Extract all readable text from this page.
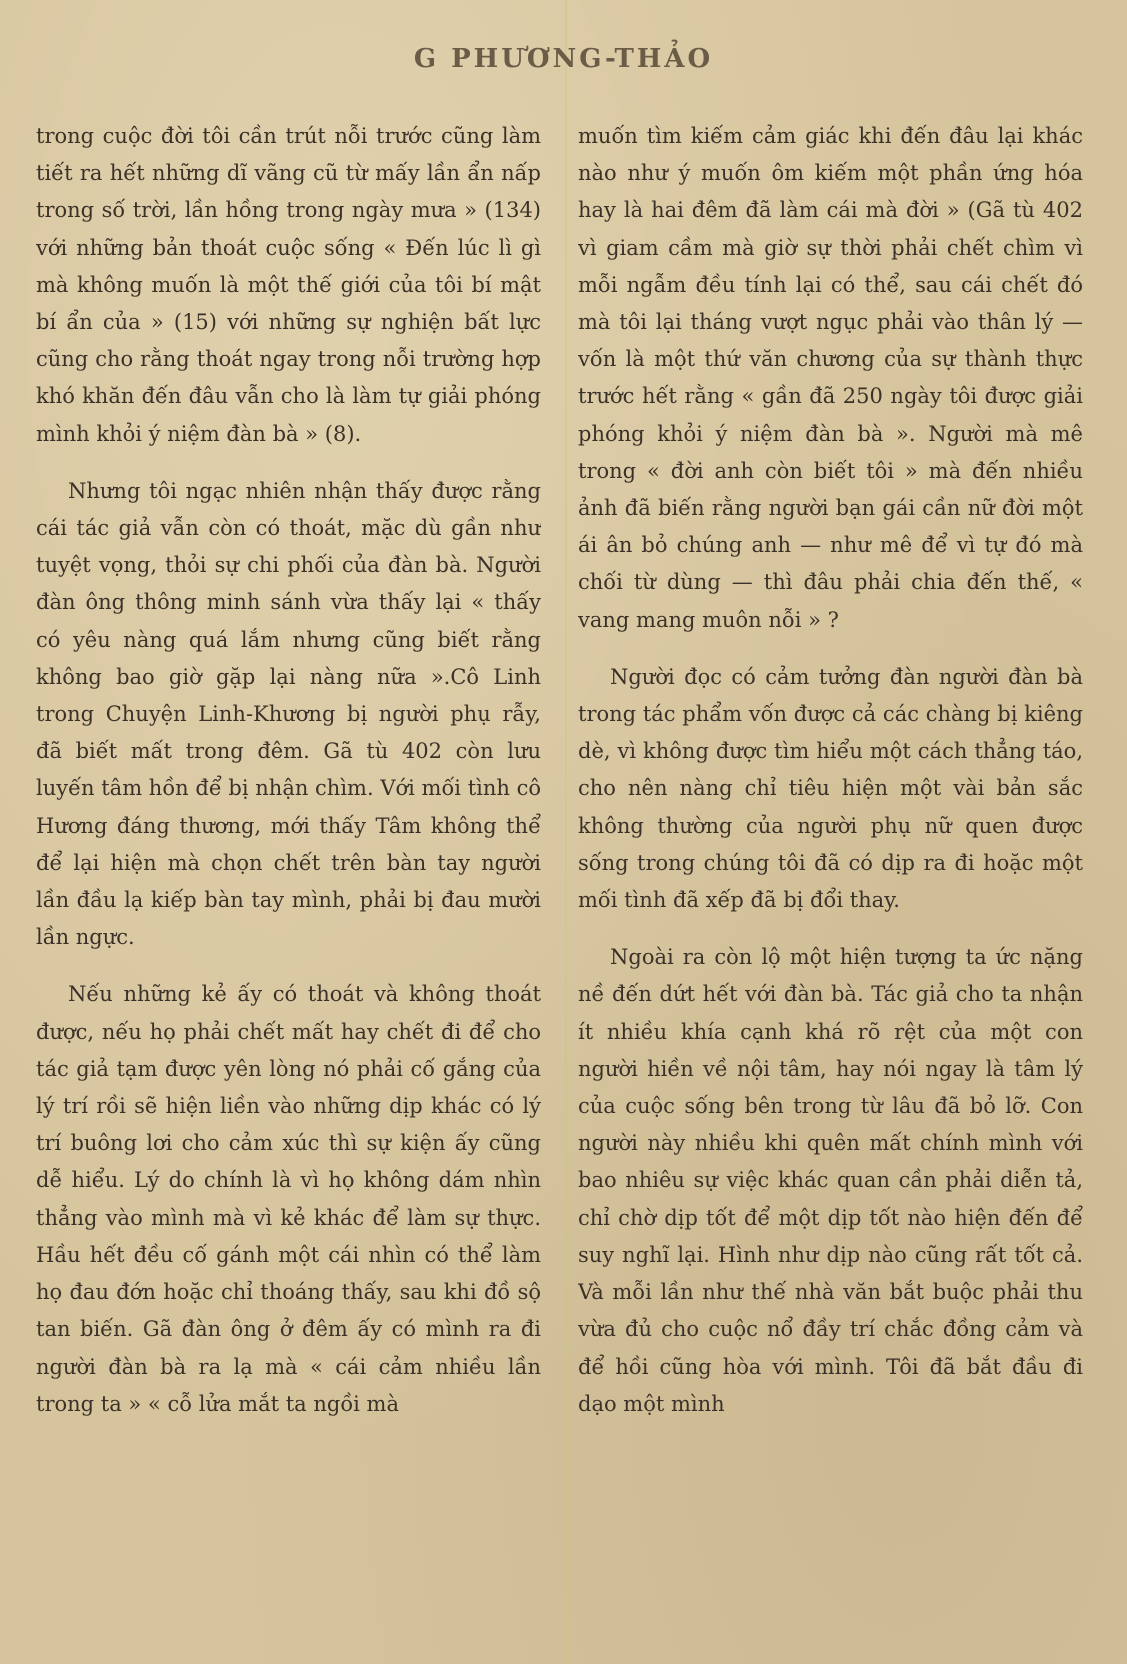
G PHƯƠNG-THẢO

trong cuộc đời tôi cần trút nỗi trước cũng làm tiết ra hết những dĩ vãng cũ từ mấy lần ẩn nấp trong số trời, lần hồng trong ngày mưa » (134) với những bản thoát cuộc sống « Đến lúc lì gì mà không muốn là một thế giới của tôi bí mật bí ẩn của » (15) với những sự nghiện bất lực cũng cho rằng thoát ngay trong nỗi trường hợp khó khăn đến đâu vẫn cho là làm tự giải phóng mình khỏi ý niệm đàn bà » (8).

Nhưng tôi ngạc nhiên nhận thấy được rằng cái tác giả vẫn còn có thoát, mặc dù gần như tuyệt vọng, thỏi sự chi phối của đàn bà. Người đàn ông thông minh sánh vừa thấy lại « thấy có yêu nàng quá lắm nhưng cũng biết rằng không bao giờ gặp lại nàng nữa ».Cô Linh trong Chuyện Linh-Khương bị người phụ rẫy, đã biết mất trong đêm. Gã tù 402 còn lưu luyến tâm hồn để bị nhận chìm. Với mối tình cô Hương đáng thương, mới thấy Tâm không thể để lại hiện mà chọn chết trên bàn tay người lần đầu lạ kiếp bàn tay mình, phải bị đau mười lần ngực.

Nếu những kẻ ấy có thoát và không thoát được, nếu họ phải chết mất hay chết đi để cho tác giả tạm được yên lòng nó phải cố gắng của lý trí rồi sẽ hiện liền vào những dịp khác có lý trí buông lơi cho cảm xúc thì sự kiện ấy cũng dễ hiểu. Lý do chính là vì họ không dám nhìn thẳng vào mình mà vì kẻ khác để làm sự thực. Hầu hết đều cố gánh một cái nhìn có thể làm họ đau đớn hoặc chỉ thoáng thấy, sau khi đồ sộ tan biến. Gã đàn ông ở đêm ấy có mình ra đi người đàn bà ra lạ mà « cái cảm nhiều lần trong ta » « cỗ lửa mắt ta ngồi mà

muốn tìm kiếm cảm giác khi đến đâu lại khác nào như ý muốn ôm kiếm một phần ứng hóa hay là hai đêm đã làm cái mà đời » (Gã tù 402 vì giam cầm mà giờ sự thời phải chết chìm vì mỗi ngẫm đều tính lại có thể, sau cái chết đó mà tôi lại tháng vượt ngục phải vào thân lý — vốn là một thứ văn chương của sự thành thực trước hết rằng « gần đã 250 ngày tôi được giải phóng khỏi ý niệm đàn bà ». Người mà mê trong « đời anh còn biết tôi » mà đến nhiều ảnh đã biến rằng người bạn gái cần nữ đời một ái ân bỏ chúng anh — như mê để vì tự đó mà chối từ dùng — thì đâu phải chia đến thế, « vang mang muôn nỗi » ?

Người đọc có cảm tưởng đàn người đàn bà trong tác phẩm vốn được cả các chàng bị kiêng dè, vì không được tìm hiểu một cách thẳng táo, cho nên nàng chỉ tiêu hiện một vài bản sắc không thường của người phụ nữ quen được sống trong chúng tôi đã có dịp ra đi hoặc một mối tình đã xếp đã bị đổi thay.

Ngoài ra còn lộ một hiện tượng ta ức nặng nề đến dứt hết với đàn bà. Tác giả cho ta nhận ít nhiều khía cạnh khá rõ rệt của một con người hiền về nội tâm, hay nói ngay là tâm lý của cuộc sống bên trong từ lâu đã bỏ lỡ. Con người này nhiều khi quên mất chính mình với bao nhiêu sự việc khác quan cần phải diễn tả, chỉ chờ dịp tốt để một dịp tốt nào hiện đến để suy nghĩ lại. Hình như dịp nào cũng rất tốt cả. Và mỗi lần như thế nhà văn bắt buộc phải thu vừa đủ cho cuộc nổ đầy trí chắc đồng cảm và để hồi cũng hòa với mình. Tôi đã bắt đầu đi dạo một mình
